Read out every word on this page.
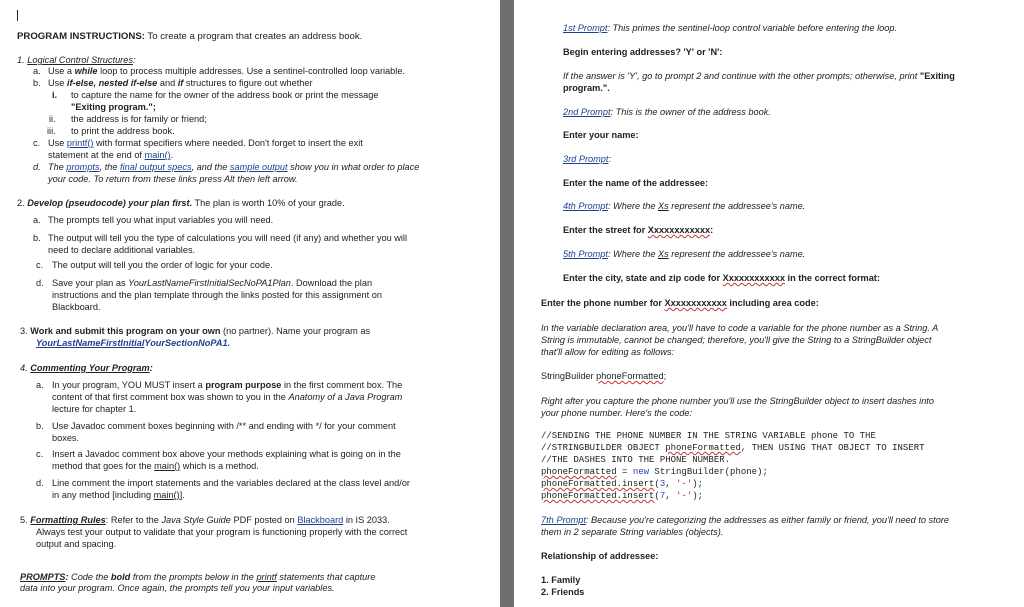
PROGRAM INSTRUCTIONS: To create a program that creates an address book.
1. Logical Control Structures:
a. Use a while loop to process multiple addresses. Use a sentinel-controlled loop variable.
b. Use if-else, nested if-else and if structures to figure out whether
i. to capture the name for the owner of the address book or print the message
"Exiting program.";
ii. the address is for family or friend;
iii. to print the address book.
c. Use printf() with format specifiers where needed. Don't forget to insert the exit
statement at the end of main().
d. The prompts, the final output specs, and the sample output show you in what order to place
your code. To return from these links press Alt then left arrow.
2. Develop (pseudocode) your plan first. The plan is worth 10% of your grade.
a. The prompts tell you what input variables you will need.
b. The output will tell you the type of calculations you will need (if any) and whether you will
need to declare additional variables.
c. The output will tell you the order of logic for your code.
d. Save your plan as YourLastNameFirstInitialSecNoPA1Plan. Download the plan
instructions and the plan template through the links posted for this assignment on
Blackboard.
3. Work and submit this program on your own (no partner). Name your program as
YourLastNameFirstInitialYourSectionNoPA1.
4. Commenting Your Program:
a. In your program, YOU MUST insert a program purpose in the first comment box. The
content of that first comment box was shown to you in the Anatomy of a Java Program
lecture for chapter 1.
b. Use Javadoc comment boxes beginning with /** and ending with */ for your comment
boxes.
c. Insert a Javadoc comment box above your methods explaining what is going on in the
method that goes for the main() which is a method.
d. Line comment the import statements and the variables declared at the class level and/or
in any method [including main()].
5. Formatting Rules: Refer to the Java Style Guide PDF posted on Blackboard in IS 2033.
Always test your output to validate that your program is functioning properly with the correct
output and spacing.
PROMPTS: Code the bold from the prompts below in the printf statements that capture
data into your program. Once again, the prompts tell you your input variables.
1st Prompt: This primes the sentinel-loop control variable before entering the loop.
Begin entering addresses? 'Y' or 'N':
If the answer is 'Y', go to prompt 2 and continue with the other prompts; otherwise, print "Exiting
program.".
2nd Prompt: This is the owner of the address book.
Enter your name:
3rd Prompt:
Enter the name of the addressee:
4th Prompt: Where the Xs represent the addressee's name.
Enter the street for Xxxxxxxxxxxx:
5th Prompt: Where the Xs represent the addressee's name.
Enter the city, state and zip code for Xxxxxxxxxxxx in the correct format:
Enter the phone number for Xxxxxxxxxxxx including area code:
In the variable declaration area, you'll have to code a variable for the phone number as a String. A
String is immutable, cannot be changed; therefore, you'll give the String to a StringBuilder object
that'll allow for editing as follows:
StringBuilder phoneFormatted;
Right after you capture the phone number you'll use the StringBuilder object to insert dashes into
your phone number. Here's the code:
//SENDING THE PHONE NUMBER IN THE STRING VARIABLE phone TO THE
//STRINGBUILDER OBJECT phoneFormatted, THEN USING THAT OBJECT TO INSERT
//THE DASHES INTO THE PHONE NUMBER.
phoneFormatted = new StringBuilder(phone);
phoneFormatted.insert(3, '-');
phoneFormatted.insert(7, '-');
7th Prompt: Because you're categorizing the addresses as either family or friend, you'll need to store
them in 2 separate String variables (objects).
Relationship of addressee:
1. Family
2. Friends
